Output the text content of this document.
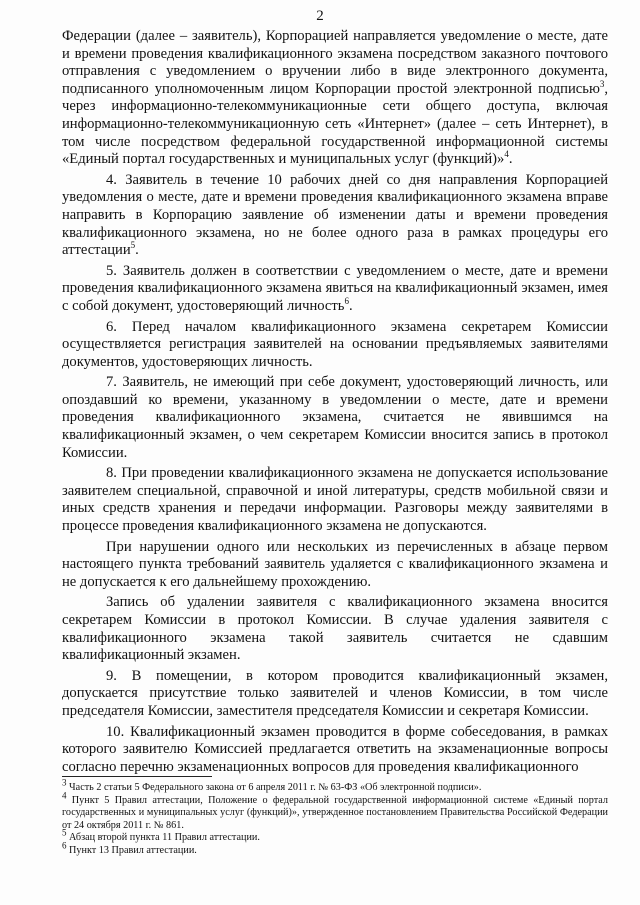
2

Федерации (далее – заявитель), Корпорацией направляется уведомление о месте, дате и времени проведения квалификационного экзамена посредством заказного почтового отправления с уведомлением о вручении либо в виде электронного документа, подписанного уполномоченным лицом Корпорации простой электронной подписью$^3$, через информационно-телекоммуникационные сети общего доступа, включая информационно-телекоммуникационную сеть «Интернет» (далее – сеть Интернет), в том числе посредством федеральной государственной информационной системы «Единый портал государственных и муниципальных услуг (функций)»$^4$.

4. Заявитель в течение 10 рабочих дней со дня направления Корпорацией уведомления о месте, дате и времени проведения квалификационного экзамена вправе направить в Корпорацию заявление об изменении даты и времени проведения квалификационного экзамена, но не более одного раза в рамках процедуры его аттестации$^5$.

5. Заявитель должен в соответствии с уведомлением о месте, дате и времени проведения квалификационного экзамена явиться на квалификационный экзамен, имея с собой документ, удостоверяющий личность$^6$.

6. Перед началом квалификационного экзамена секретарем Комиссии осуществляется регистрация заявителей на основании предъявляемых заявителями документов, удостоверяющих личность.

7. Заявитель, не имеющий при себе документ, удостоверяющий личность, или опоздавший ко времени, указанному в уведомлении о месте, дате и времени проведения квалификационного экзамена, считается не явившимся на квалификационный экзамен, о чем секретарем Комиссии вносится запись в протокол Комиссии.

8. При проведении квалификационного экзамена не допускается использование заявителем специальной, справочной и иной литературы, средств мобильной связи и иных средств хранения и передачи информации. Разговоры между заявителями в процессе проведения квалификационного экзамена не допускаются.

При нарушении одного или нескольких из перечисленных в абзаце первом настоящего пункта требований заявитель удаляется с квалификационного экзамена и не допускается к его дальнейшему прохождению.

Запись об удалении заявителя с квалификационного экзамена вносится секретарем Комиссии в протокол Комиссии. В случае удаления заявителя с квалификационного экзамена такой заявитель считается не сдавшим квалификационный экзамен.

9. В помещении, в котором проводится квалификационный экзамен, допускается присутствие только заявителей и членов Комиссии, в том числе председателя Комиссии, заместителя председателя Комиссии и секретаря Комиссии.

10. Квалификационный экзамен проводится в форме собеседования, в рамках которого заявителю Комиссией предлагается ответить на экзаменационные вопросы согласно перечню экзаменационных вопросов для проведения квалификационного

$^3$ Часть 2 статьи 5 Федерального закона от 6 апреля 2011 г. № 63-ФЗ «Об электронной подписи».

$^4$ Пункт 5 Правил аттестации, Положение о федеральной государственной информационной системе «Единый портал государственных и муниципальных услуг (функций)», утвержденное постановлением Правительства Российской Федерации от 24 октября 2011 г. № 861.

$^5$ Абзац второй пункта 11 Правил аттестации.

$^6$ Пункт 13 Правил аттестации.
